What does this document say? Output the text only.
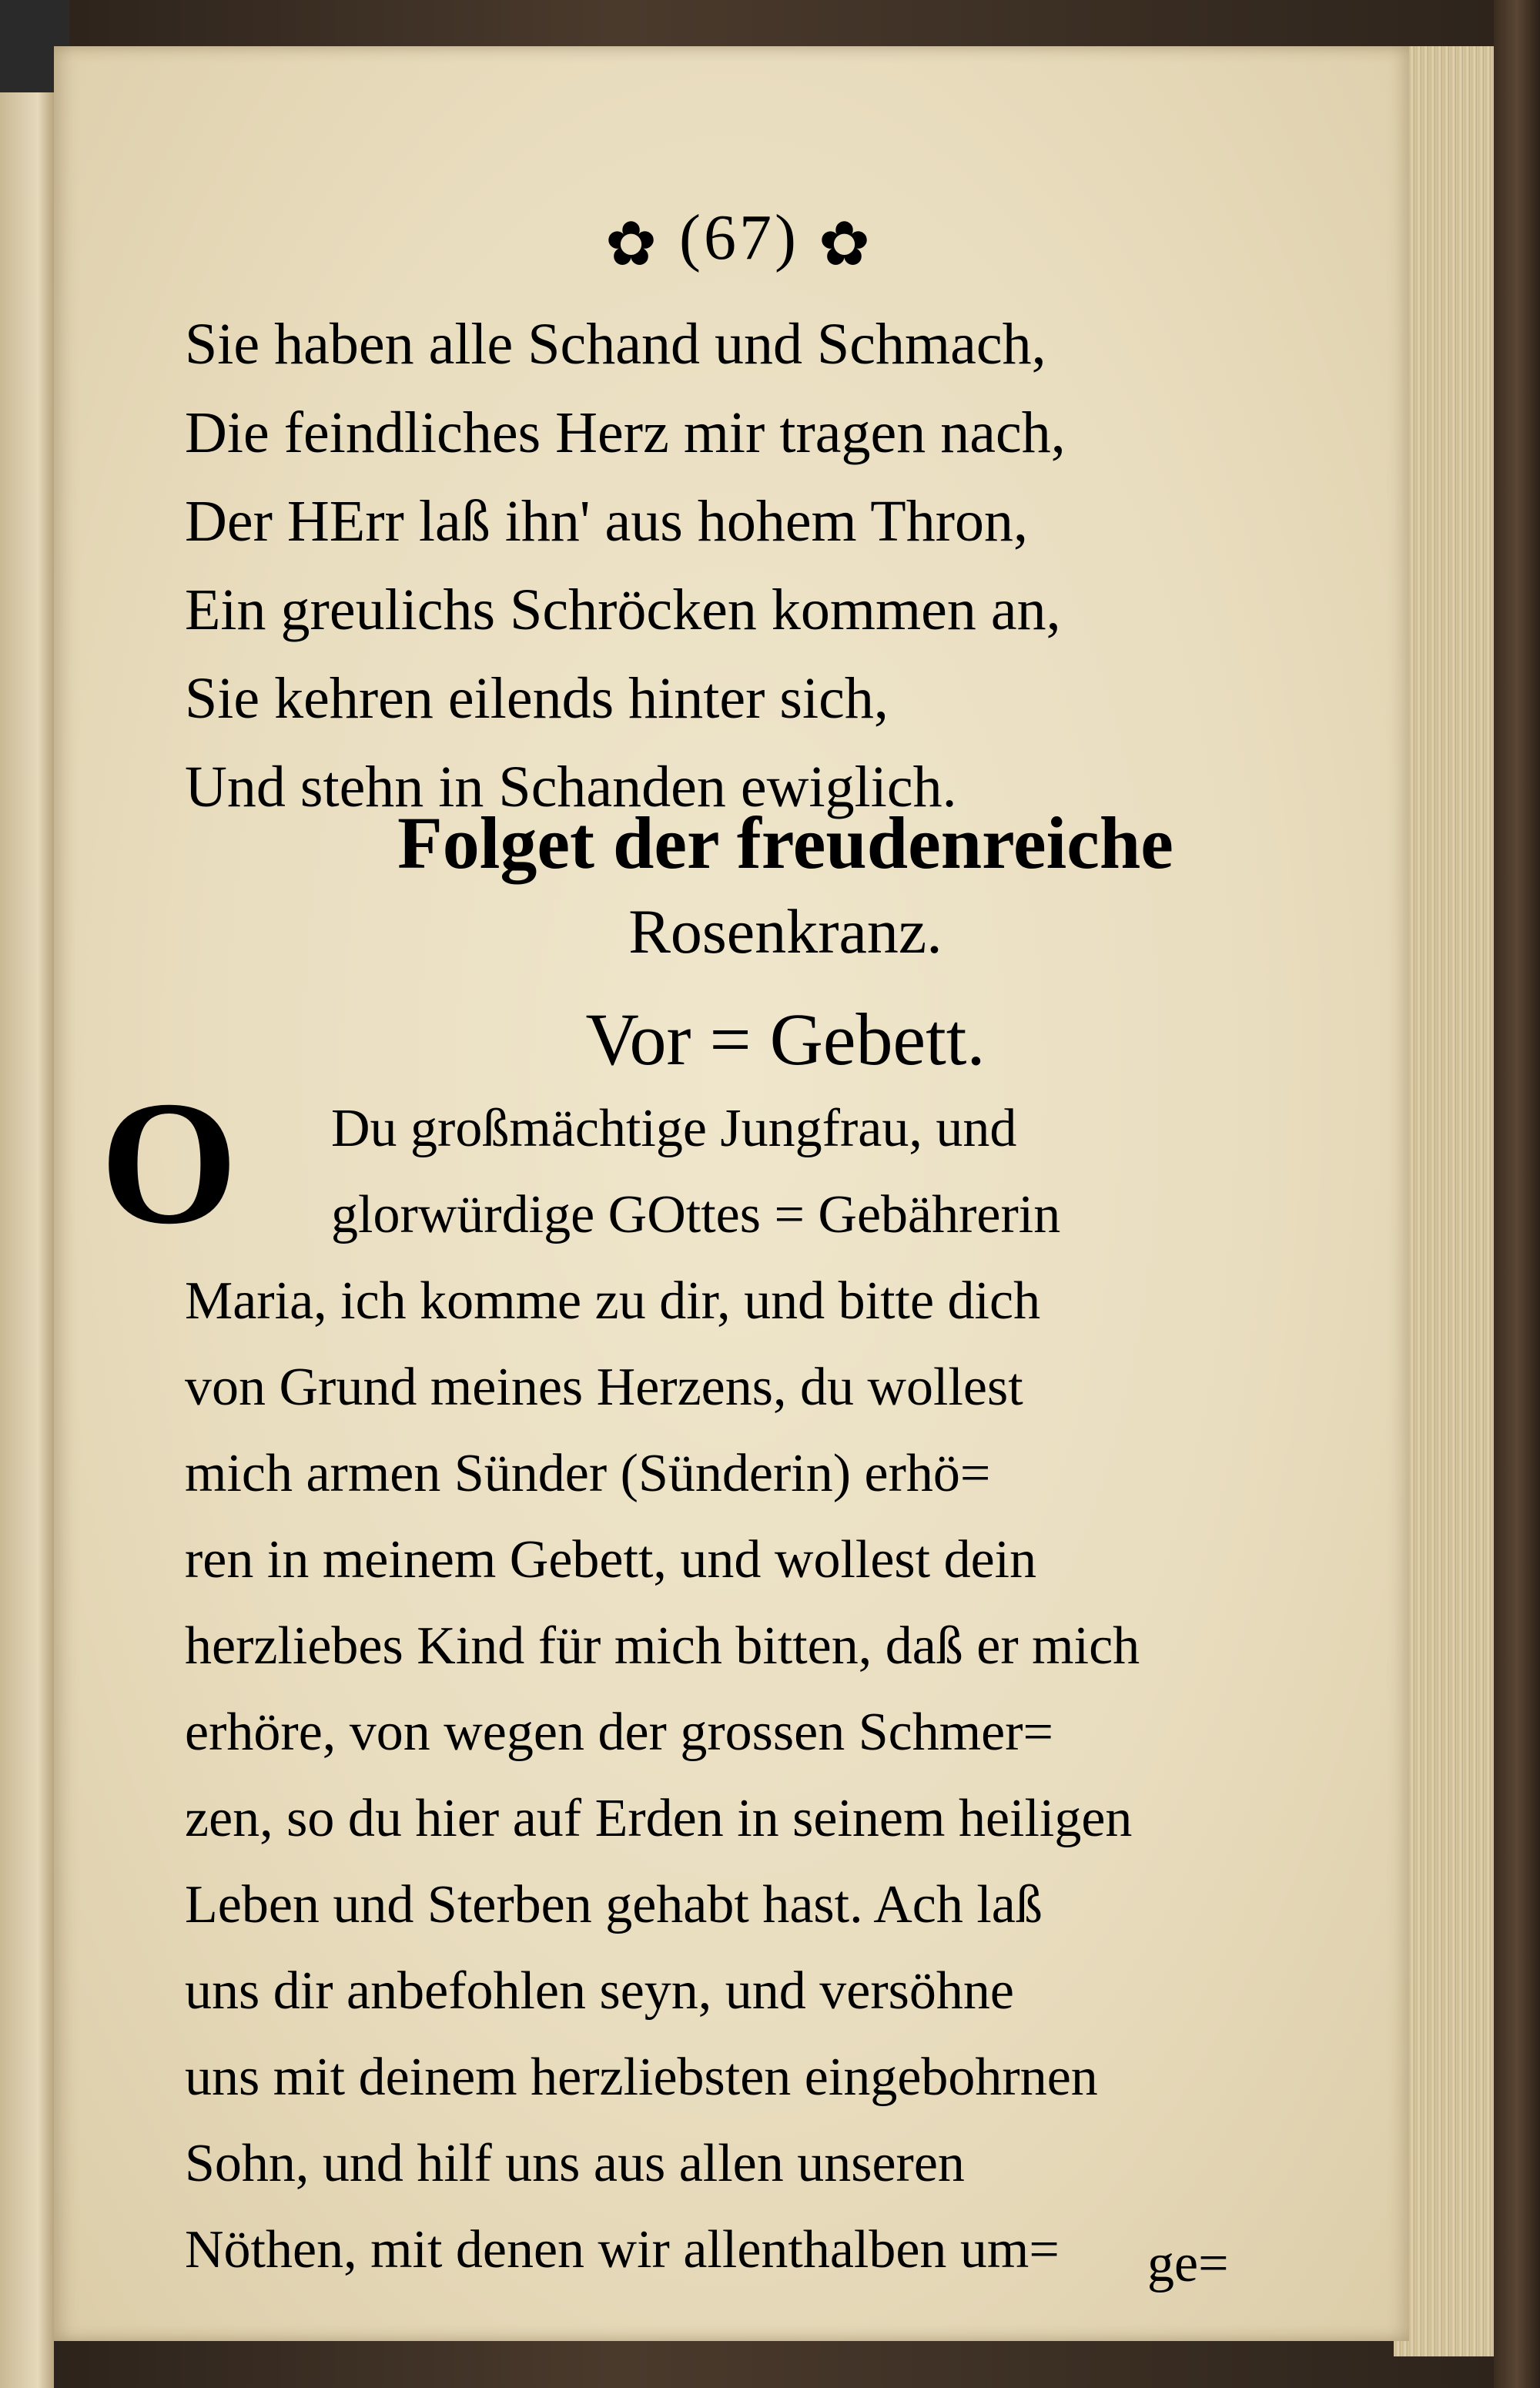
✿ (67) ✿
Sie haben alle Schand und Schmach,
Die feindliches Herz mir tragen nach,
Der HErr laß ihn' aus hohem Thron,
Ein greulichs Schröcken kommen an,
Sie kehren eilends hinter sich,
Und stehn in Schanden ewiglich.
Folget der freudenreiche
Rosenkranz.
Vor = Gebett.
O Du großmächtige Jungfrau, und
glorwürdige GOttes = Gebährerin
Maria, ich komme zu dir, und bitte dich
von Grund meines Herzens, du wollest
mich armen Sünder (Sünderin) erhö=
ren in meinem Gebett, und wollest dein
herzliebes Kind für mich bitten, daß er mich
erhöre, von wegen der grossen Schmer=
zen, so du hier auf Erden in seinem heiligen
Leben und Sterben gehabt hast. Ach laß
uns dir anbefohlen seyn, und versöhne
uns mit deinem herzliebsten eingebohrnen
Sohn, und hilf uns aus allen unseren
Nöthen, mit denen wir allenthalben um=	ge=
